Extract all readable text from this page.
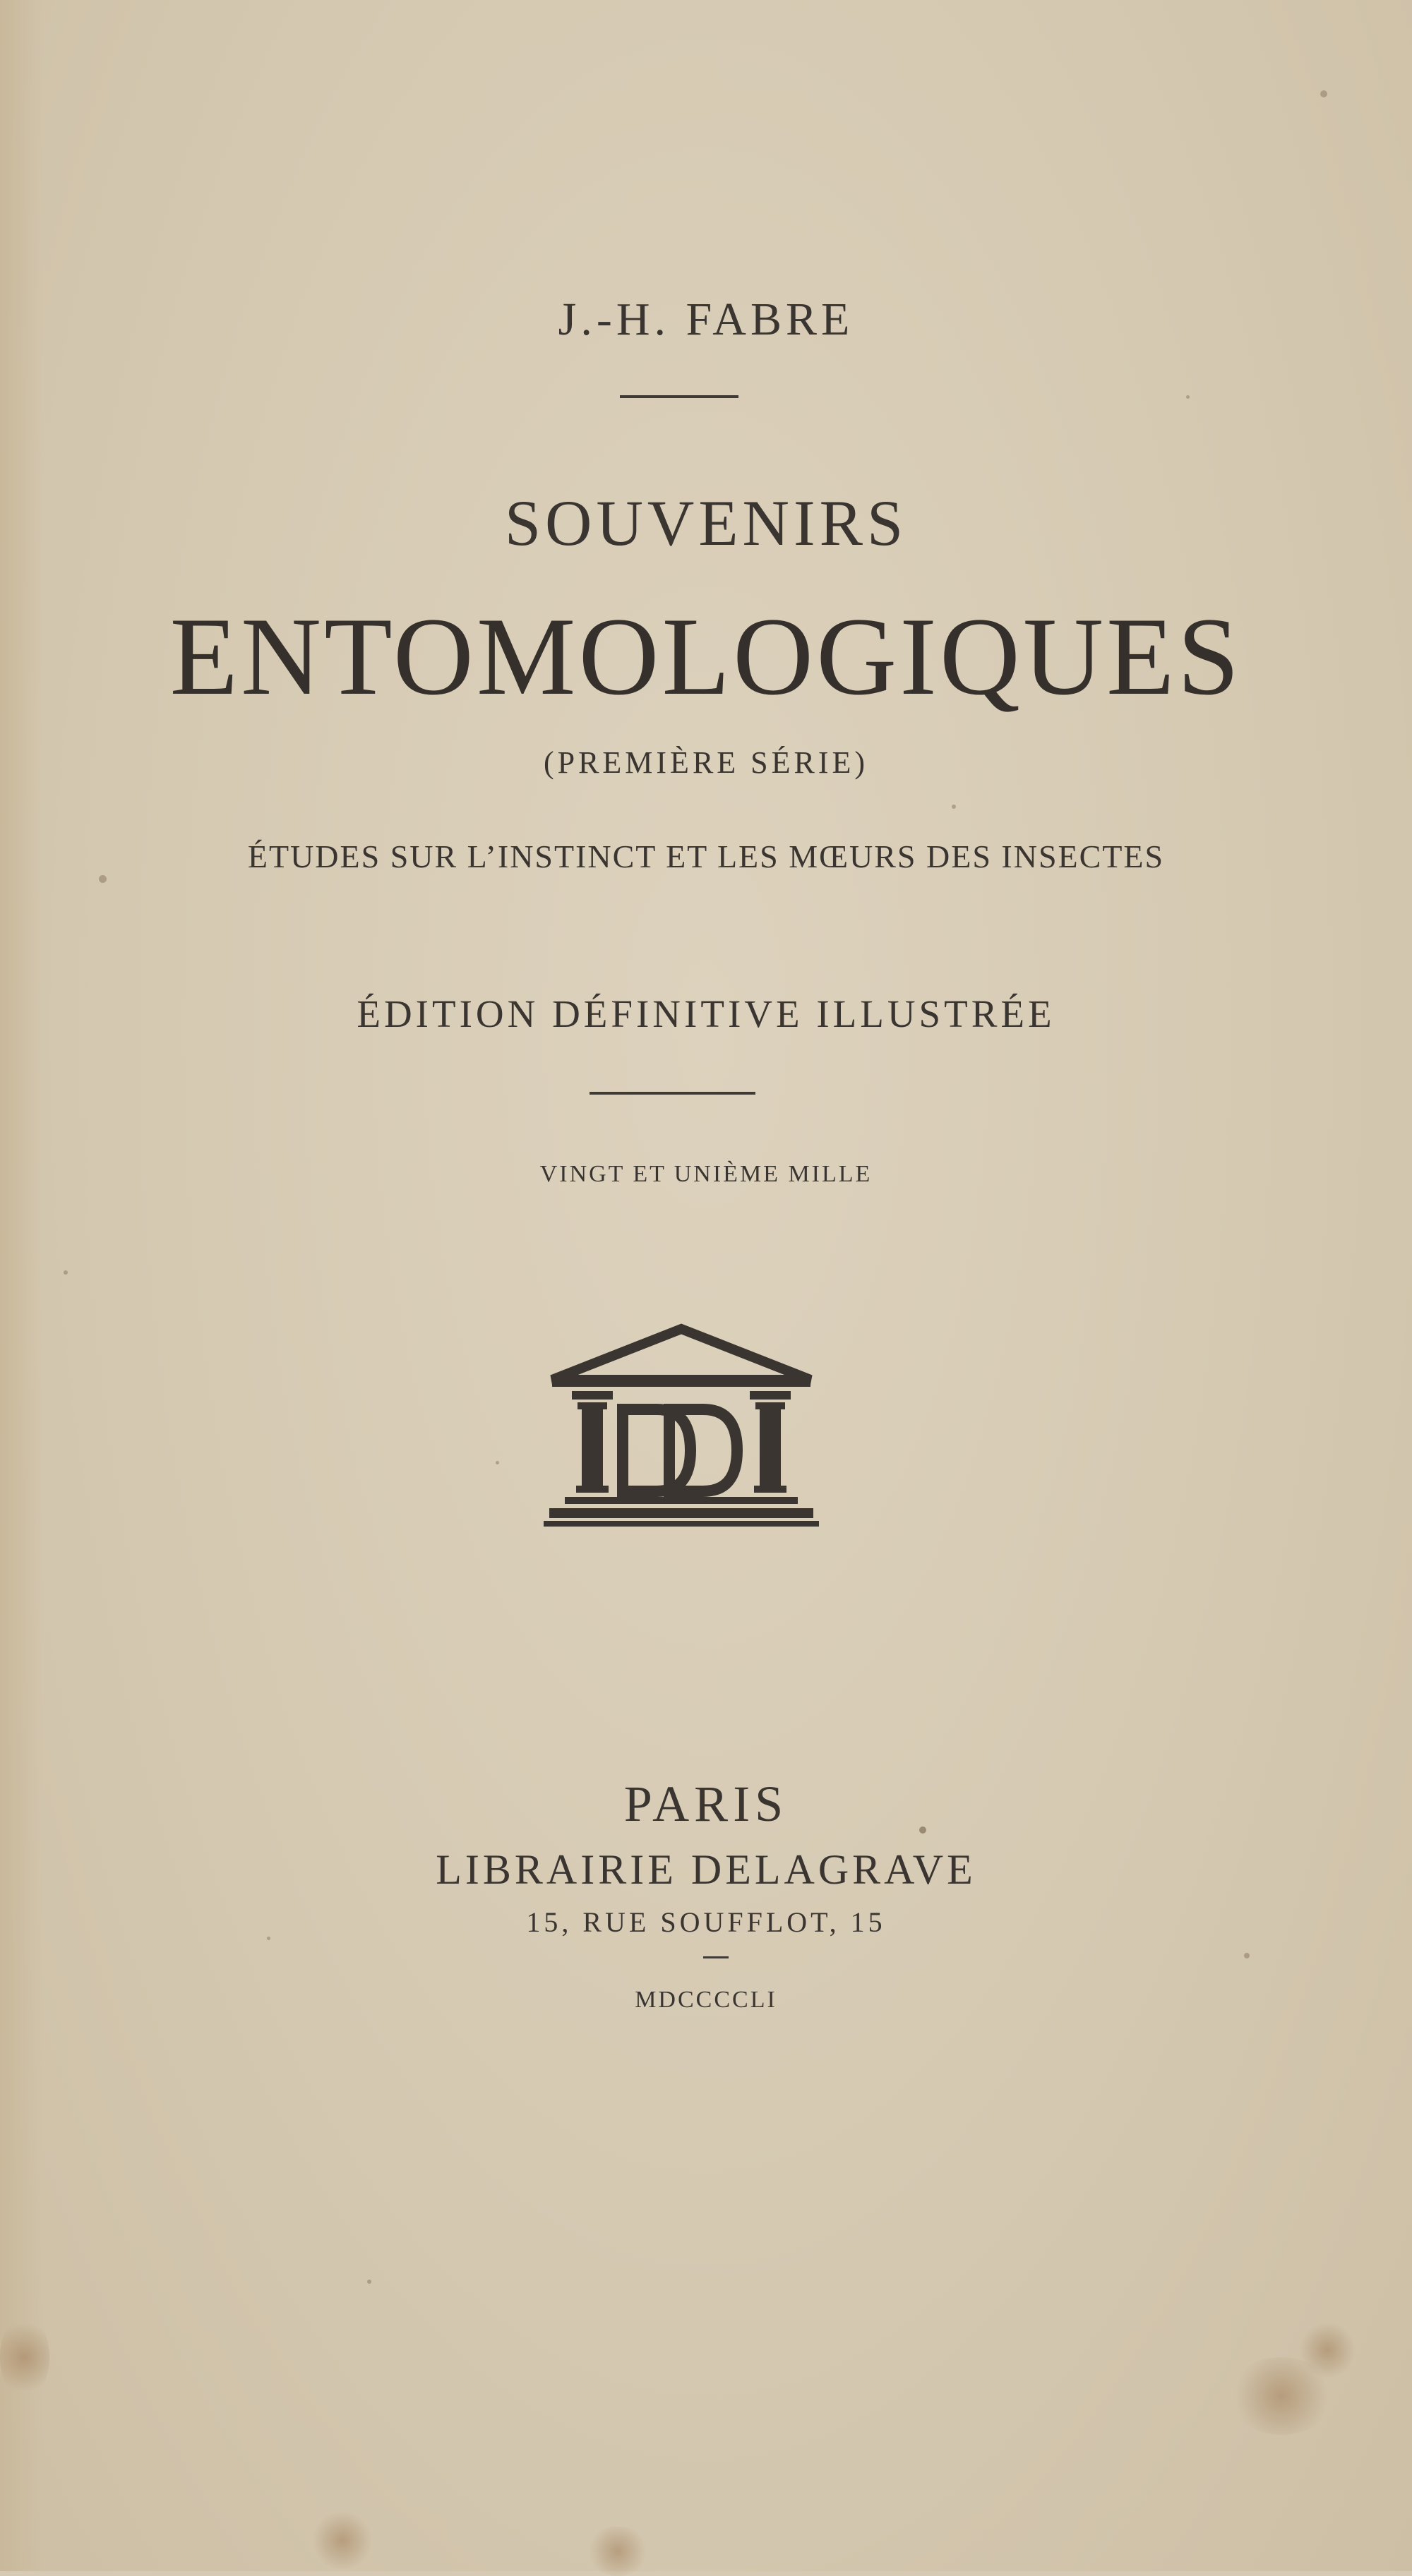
J.-H. FABRE

SOUVENIRS

ENTOMOLOGIQUES

(PREMIÈRE SÉRIE)

ÉTUDES SUR L’INSTINCT ET LES MŒURS DES INSECTES

ÉDITION DÉFINITIVE ILLUSTRÉE

VINGT ET UNIÈME MILLE

PARIS

LIBRAIRIE DELAGRAVE

15, RUE SOUFFLOT, 15

MDCCCCLI
